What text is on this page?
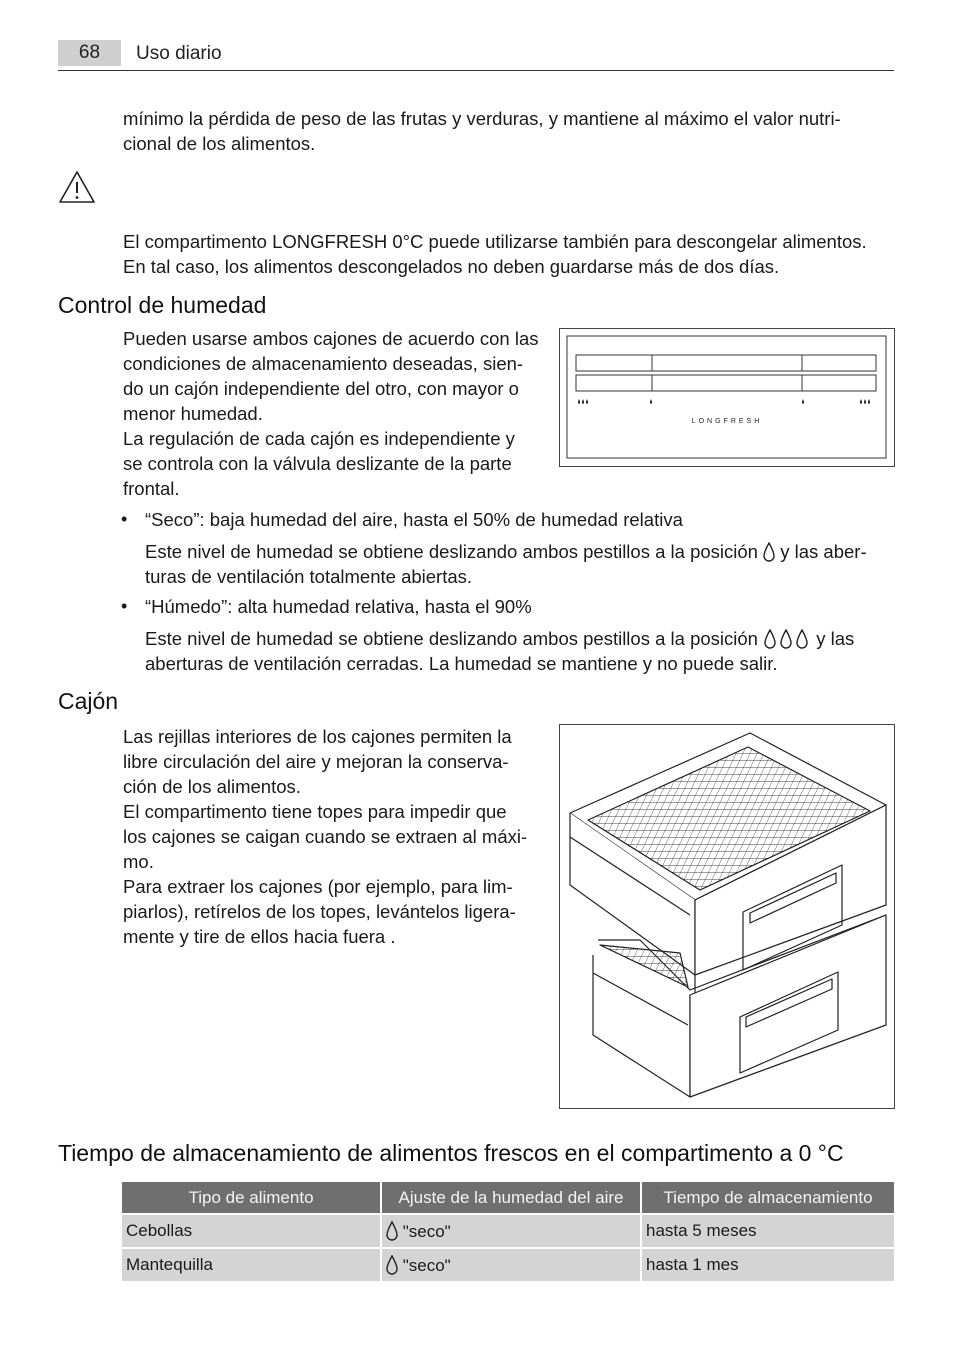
68	Uso diario
mínimo la pérdida de peso de las frutas y verduras, y mantiene al máximo el valor nutri-
cional de los alimentos.
El compartimento LONGFRESH 0°C puede utilizarse también para descongelar alimentos.
En tal caso, los alimentos descongelados no deben guardarse más de dos días.
Control de humedad
Pueden usarse ambos cajones de acuerdo con las
condiciones de almacenamiento deseadas, sien-
do un cajón independiente del otro, con mayor o
menor humedad.
La regulación de cada cajón es independiente y
se controla con la válvula deslizante de la parte
frontal.
LONGFRESH
• “Seco”: baja humedad del aire, hasta el 50% de humedad relativa
Este nivel de humedad se obtiene deslizando ambos pestillos a la posición y las aber-
turas de ventilación totalmente abiertas.
• “Húmedo”: alta humedad relativa, hasta el 90%
Este nivel de humedad se obtiene deslizando ambos pestillos a la posición	y las
aberturas de ventilación cerradas. La humedad se mantiene y no puede salir.
Cajón
Las rejillas interiores de los cajones permiten la
libre circulación del aire y mejoran la conserva-
ción de los alimentos.
El compartimento tiene topes para impedir que
los cajones se caigan cuando se extraen al máxi-
mo.
Para extraer los cajones (por ejemplo, para lim-
piarlos), retírelos de los topes, levántelos ligera-
mente y tire de ellos hacia fuera .
Tiempo de almacenamiento de alimentos frescos en el compartimento a 0 °C
Tipo de alimento	Ajuste de la humedad del aire	Tiempo de almacenamiento
Cebollas	"seco"	hasta 5 meses
Mantequilla	"seco"	hasta 1 mes
